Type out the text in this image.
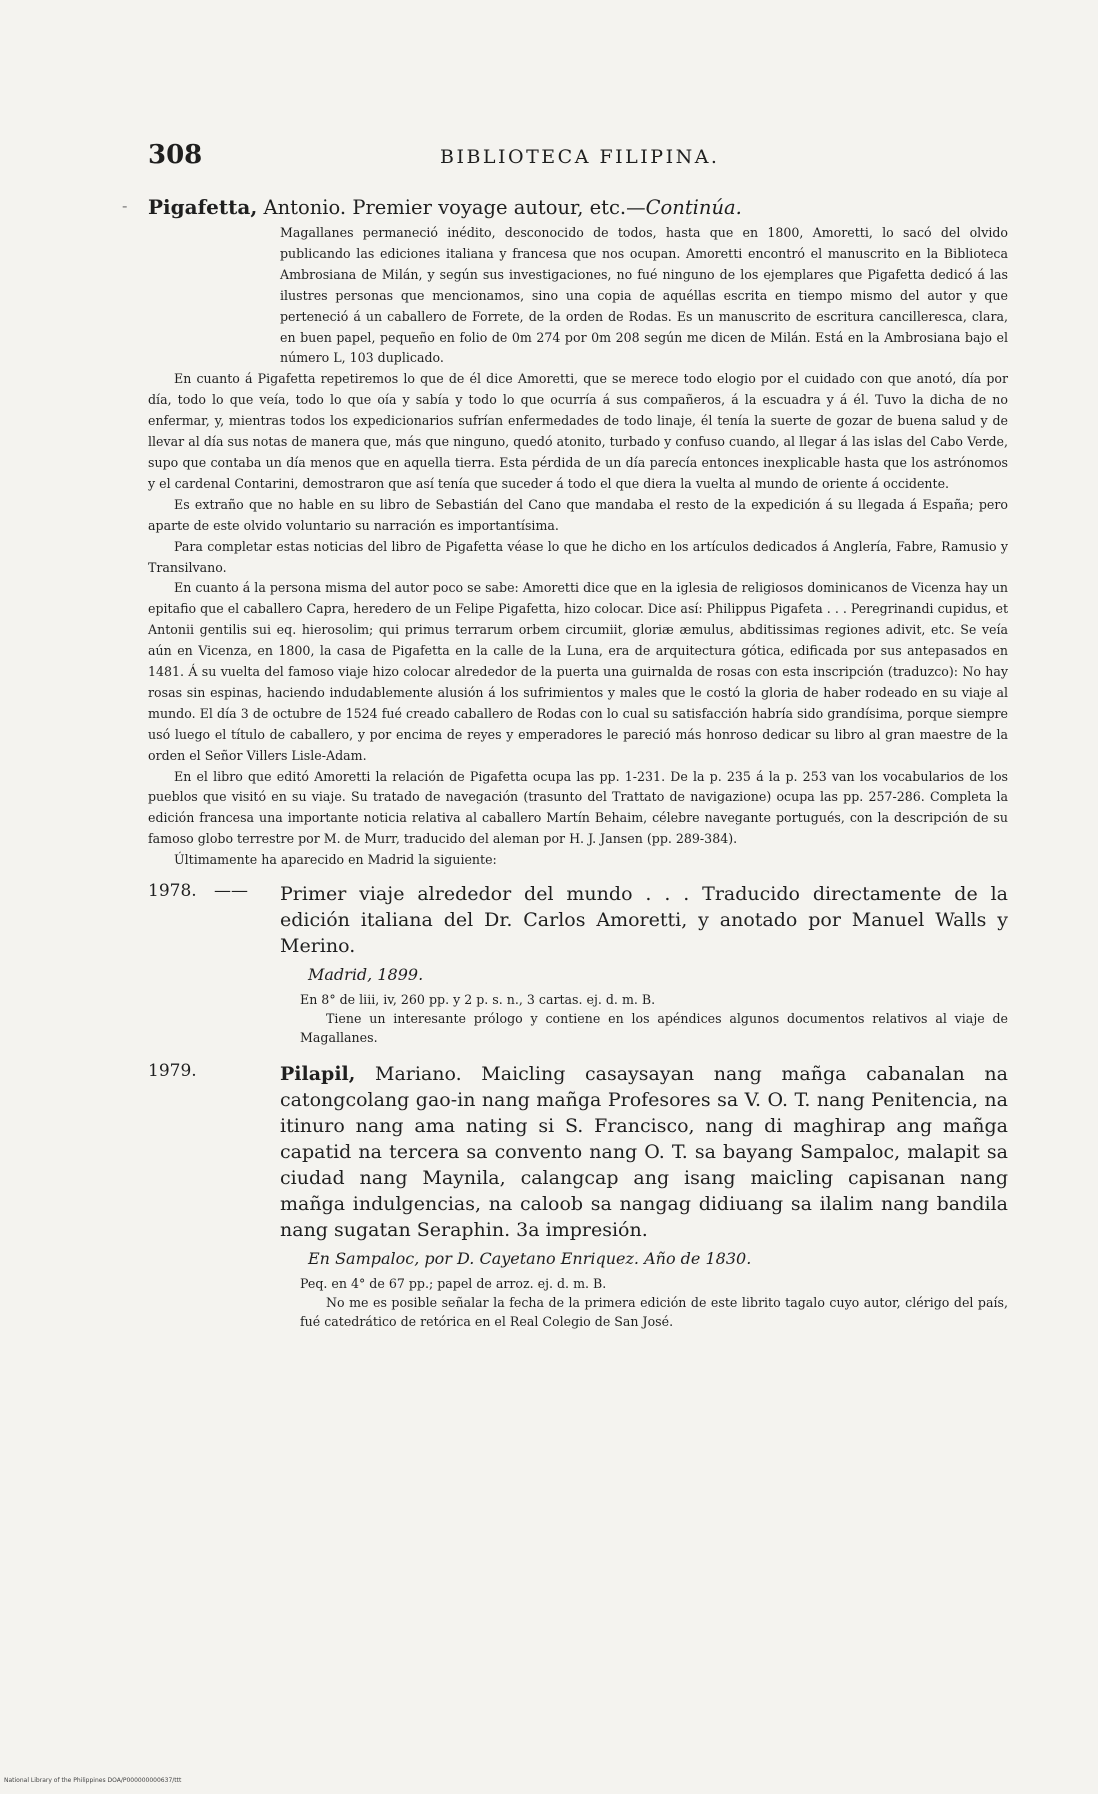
308	BIBLIOTECA FILIPINA.
- Pigafetta, Antonio. Premier voyage autour, etc.—Continúa.

Magallanes permaneció inédito, desconocido de todos, hasta que en 1800, Amoretti, lo sacó del olvido publicando las ediciones italiana y francesa que nos ocupan. Amoretti encontró el manuscrito en la Biblioteca Ambrosiana de Milán, y según sus investigaciones, no fué ninguno de los ejemplares que Pigafetta dedicó á las ilustres personas que mencionamos, sino una copia de aquéllas escrita en tiempo mismo del autor y que perteneció á un caballero de Forrete, de la orden de Rodas. Es un manuscrito de escritura cancilleresca, clara, en buen papel, pequeño en folio de 0m 274 por 0m 208 según me dicen de Milán. Está en la Ambrosiana bajo el número L, 103 duplicado.

En cuanto á Pigafetta repetiremos lo que de él dice Amoretti, que se merece todo elogio por el cuidado con que anotó, día por día, todo lo que veía, todo lo que oía y sabía y todo lo que ocurría á sus compañeros, á la escuadra y á él. Tuvo la dicha de no enfermar, y, mientras todos los expedicionarios sufrían enfermedades de todo linaje, él tenía la suerte de gozar de buena salud y de llevar al día sus notas de manera que, más que ninguno, quedó atonito, turbado y confuso cuando, al llegar á las islas del Cabo Verde, supo que contaba un día menos que en aquella tierra. Esta pérdida de un día parecía entonces inexplicable hasta que los astrónomos y el cardenal Contarini, demostraron que así tenía que suceder á todo el que diera la vuelta al mundo de oriente á occidente.

Es extraño que no hable en su libro de Sebastián del Cano que mandaba el resto de la expedición á su llegada á España; pero aparte de este olvido voluntario su narración es importantísima.

Para completar estas noticias del libro de Pigafetta véase lo que he dicho en los artículos dedicados á Anglería, Fabre, Ramusio y Transilvano.

En cuanto á la persona misma del autor poco se sabe: Amoretti dice que en la iglesia de religiosos dominicanos de Vicenza hay un epitafio que el caballero Capra, heredero de un Felipe Pigafetta, hizo colocar. Dice así: Philippus Pigafeta . . . Peregrinandi cupidus, et Antonii gentilis sui eq. hierosolim; qui primus terrarum orbem circumiit, gloriæ æmulus, abditissimas regiones adivit, etc. Se veía aún en Vicenza, en 1800, la casa de Pigafetta en la calle de la Luna, era de arquitectura gótica, edificada por sus antepasados en 1481. Á su vuelta del famoso viaje hizo colocar alrededor de la puerta una guirnalda de rosas con esta inscripción (traduzco): No hay rosas sin espinas, haciendo indudablemente alusión á los sufrimientos y males que le costó la gloria de haber rodeado en su viaje al mundo. El día 3 de octubre de 1524 fué creado caballero de Rodas con lo cual su satisfacción habría sido grandísima, porque siempre usó luego el título de caballero, y por encima de reyes y emperadores le pareció más honroso dedicar su libro al gran maestre de la orden el Señor Villers Lisle-Adam.

En el libro que editó Amoretti la relación de Pigafetta ocupa las pp. 1-231. De la p. 235 á la p. 253 van los vocabularios de los pueblos que visitó en su viaje. Su tratado de navegación (trasunto del Trattato de navigazione) ocupa las pp. 257-286. Completa la edición francesa una importante noticia relativa al caballero Martín Behaim, célebre navegante portugués, con la descripción de su famoso globo terrestre por M. de Murr, traducido del aleman por H. J. Jansen (pp. 289-384).

Últimamente ha aparecido en Madrid la siguiente:

1978. —— Primer viaje alrededor del mundo . . . Traducido directamente de la edición italiana del Dr. Carlos Amoretti, y anotado por Manuel Walls y Merino.
Madrid, 1899.

En 8° de liii, iv, 260 pp. y 2 p. s. n., 3 cartas. ej. d. m. B.

Tiene un interesante prólogo y contiene en los apéndices algunos documentos relativos al viaje de Magallanes.

1979.	Pilapil, Mariano. Maicling casaysayan nang mañga cabanalan na catongcolang gao-in nang mañga Profesores sa V. O. T. nang Penitencia, na itinuro nang ama nating si S. Francisco, nang di maghirap ang mañga capatid na tercera sa convento nang O. T. sa bayang Sampaloc, malapit sa ciudad nang Maynila, calangcap ang isang maicling capisanan nang mañga indulgencias, na caloob sa nangag didiuang sa ilalim nang bandila nang sugatan Seraphin. 3a impresión.
En Sampaloc, por D. Cayetano Enriquez. Año de 1830.

Peq. en 4° de 67 pp.; papel de arroz. ej. d. m. B.

No me es posible señalar la fecha de la primera edición de este librito tagalo cuyo autor, clérigo del país, fué catedrático de retórica en el Real Colegio de San José.

National Library of the Philippines DOA/P000000000637/ttt
